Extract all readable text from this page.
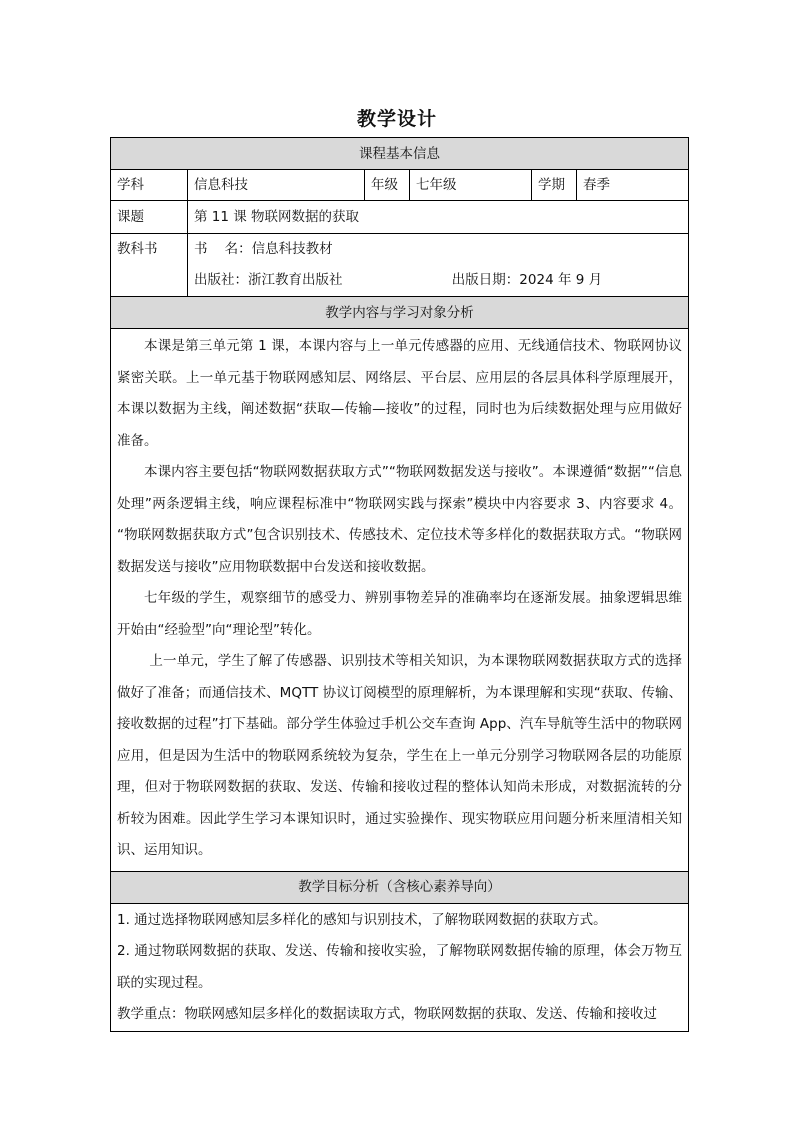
教学设计
课程基本信息					
学科	信息科技	年级	七年级	学期	春季
课题	第 11 课 物联网数据的获取				
教科书	书    名：信息科技教材
出版社：浙江教育出版社 出版日期：2024 年 9 月				

教学内容与学习对象分析					

本课是第三单元第 1 课，本课内容与上一单元传感器的应用、无线通信技术、物联网协议紧密关联。上一单元基于物联网感知层、网络层、平台层、应用层的各层具体科学原理展开，本课以数据为主线，阐述数据“获取—传输—接收”的过程，同时也为后续数据处理与应用做好准备。

本课内容主要包括“物联网数据获取方式”“物联网数据发送与接收”。本课遵循“数据”“信息处理”两条逻辑主线，响应课程标准中“物联网实践与探索”模块中内容要求 3、内容要求 4。 “物联网数据获取方式”包含识别技术、传感技术、定位技术等多样化的数据获取方式。“物联网数据发送与接收”应用物联数据中台发送和接收数据。

七年级的学生，观察细节的感受力、辨别事物差异的准确率均在逐渐发展。抽象逻辑思维开始由“经验型”向“理论型”转化。

上一单元，学生了解了传感器、识别技术等相关知识，为本课物联网数据获取方式的选择做好了准备；而通信技术、MQTT 协议订阅模型的原理解析，为本课理解和实现“获取、传输、接收数据的过程”打下基础。部分学生体验过手机公交车查询 App、汽车导航等生活中的物联网应用，但是因为生活中的物联网系统较为复杂，学生在上一单元分别学习物联网各层的功能原理，但对于物联网数据的获取、发送、传输和接收过程的整体认知尚未形成，对数据流转的分析较为困难。因此学生学习本课知识时，通过实验操作、现实物联应用问题分析来厘清相关知识、运用知识。					

教学目标分析（含核心素养导向）					

1. 通过选择物联网感知层多样化的感知与识别技术，了解物联网数据的获取方式。

2. 通过物联网数据的获取、发送、传输和接收实验，了解物联网数据传输的原理，体会万物互联的实现过程。

教学重点：物联网感知层多样化的数据读取方式，物联网数据的获取、发送、传输和接收过					
